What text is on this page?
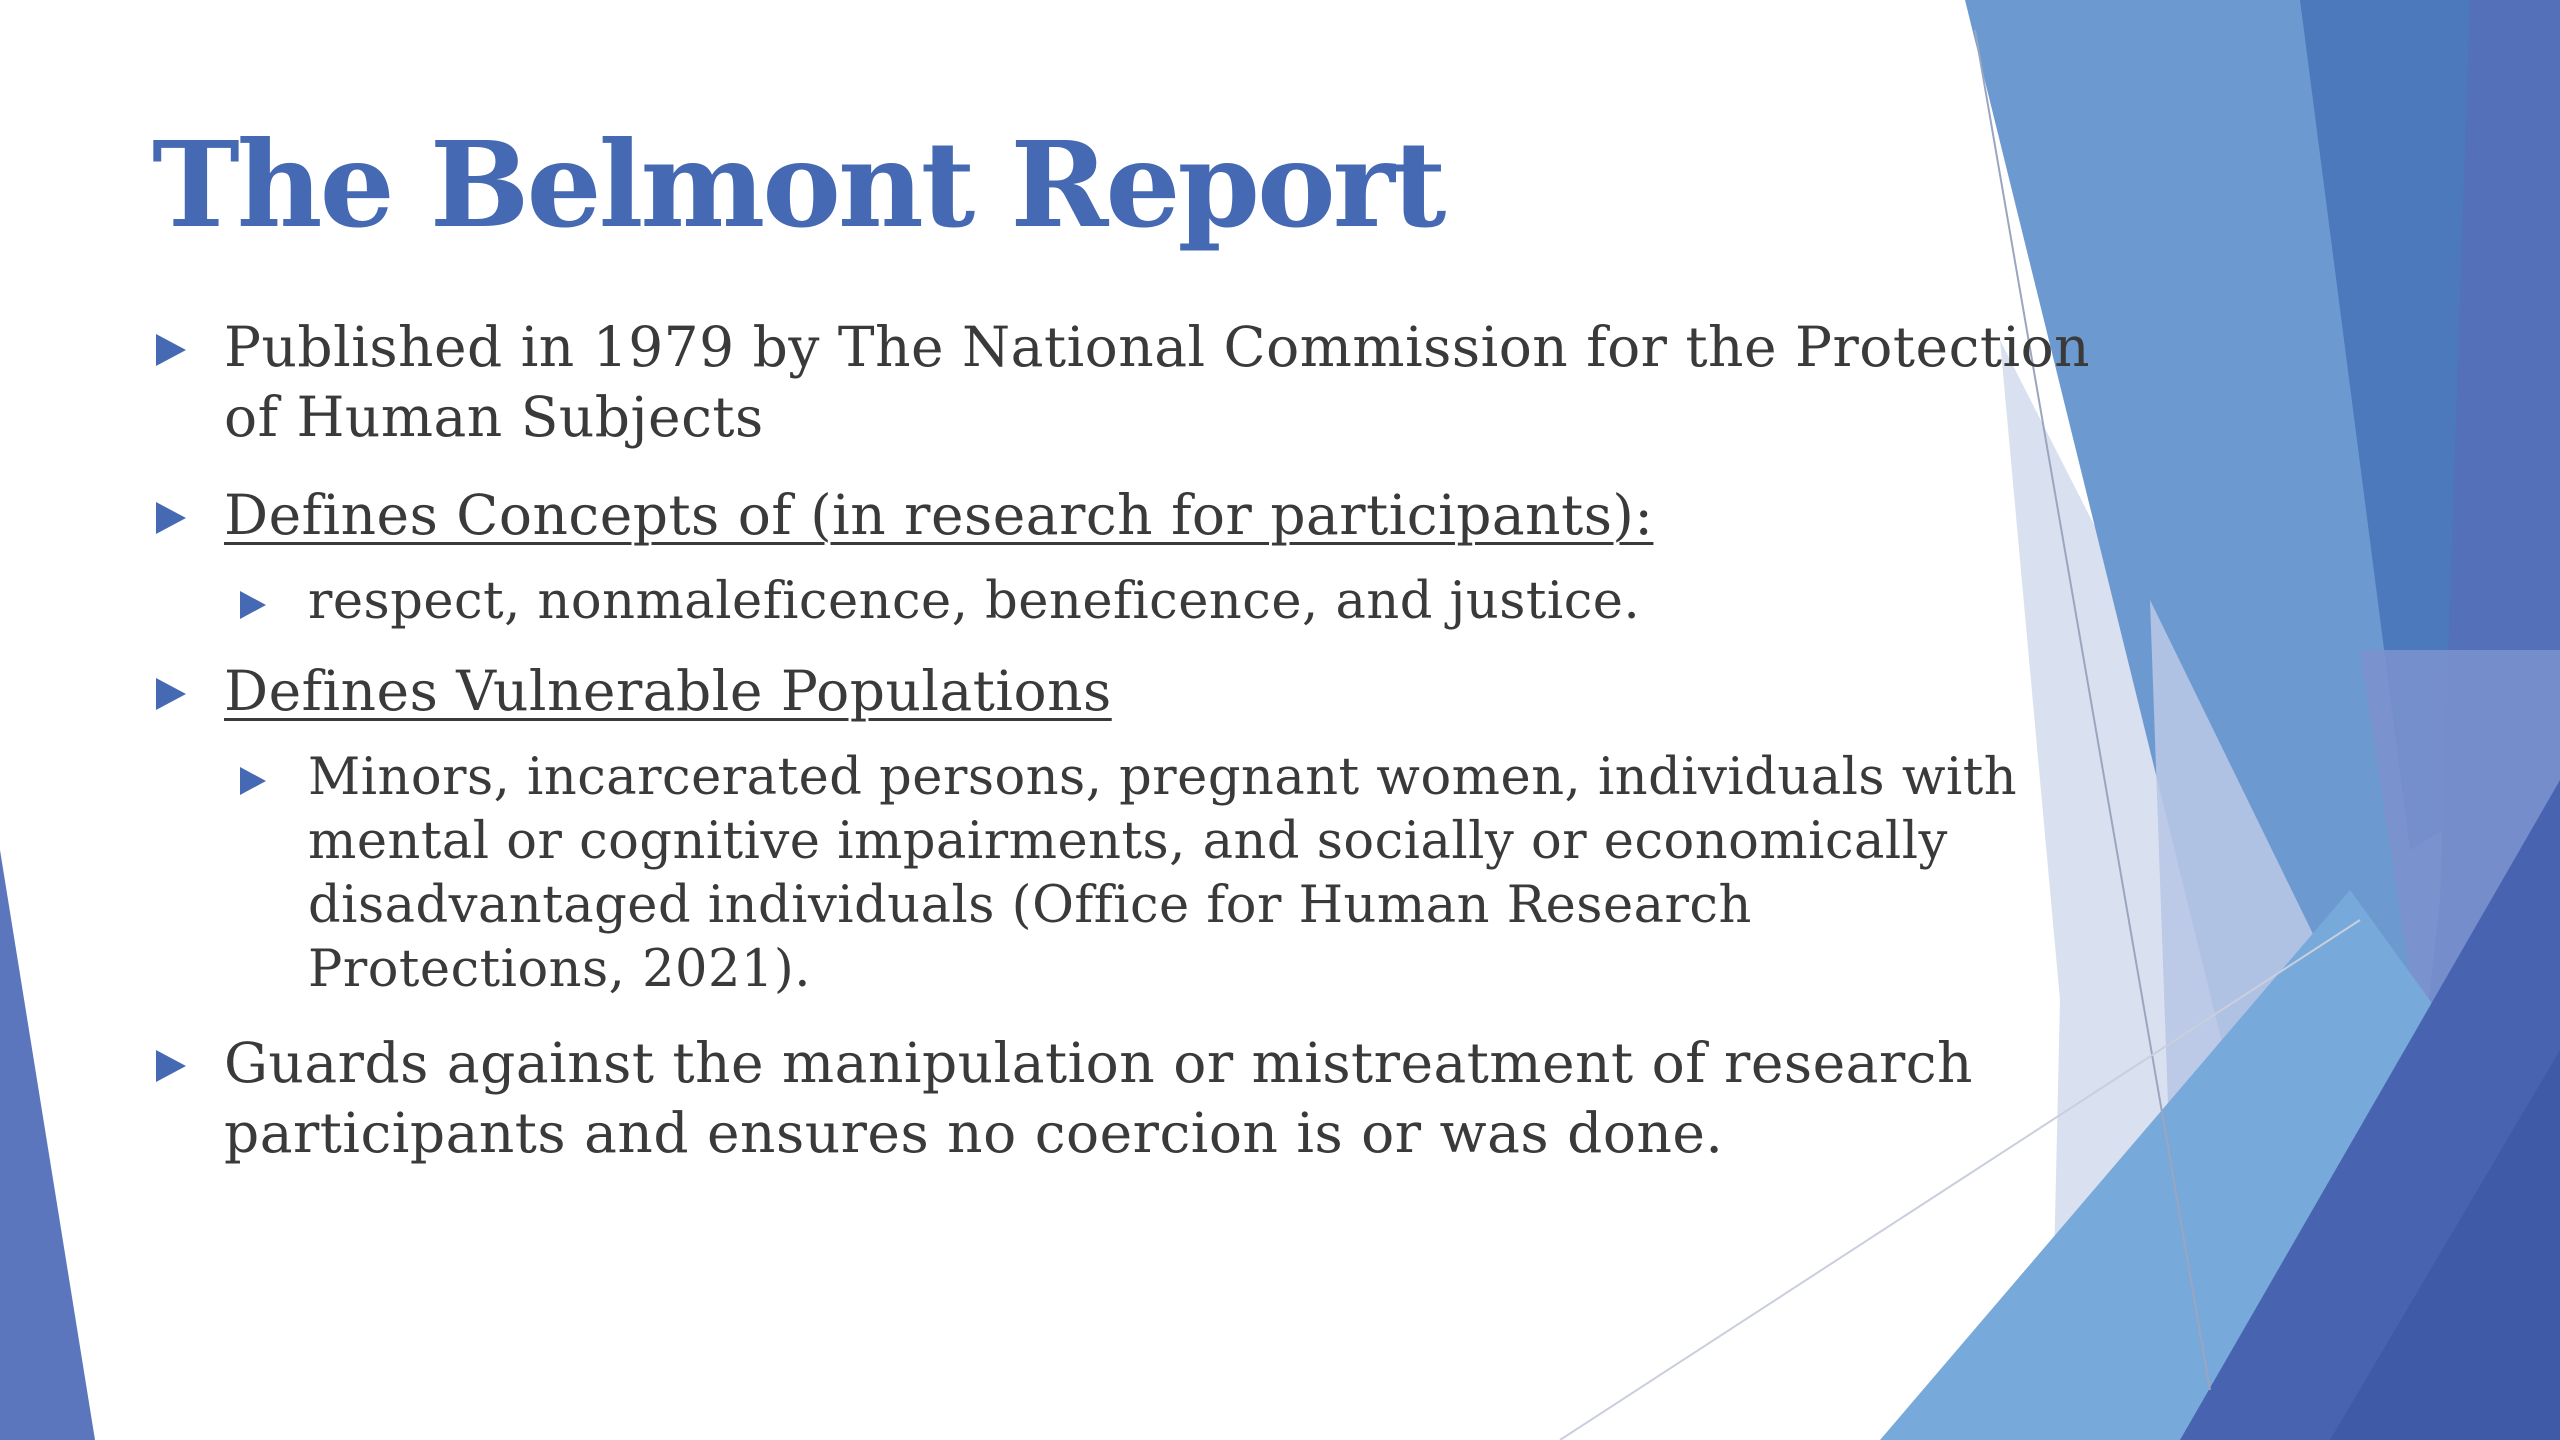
The Belmont Report
Published in 1979 by The National Commission for the Protection of Human Subjects
Defines Concepts of (in research for participants):
respect, nonmaleficence, beneficence, and justice.
Defines Vulnerable Populations
Minors, incarcerated persons, pregnant women, individuals with mental or cognitive impairments, and socially or economically disadvantaged individuals (Office for Human Research Protections, 2021).
Guards against the manipulation or mistreatment of research participants and ensures no coercion is or was done.
